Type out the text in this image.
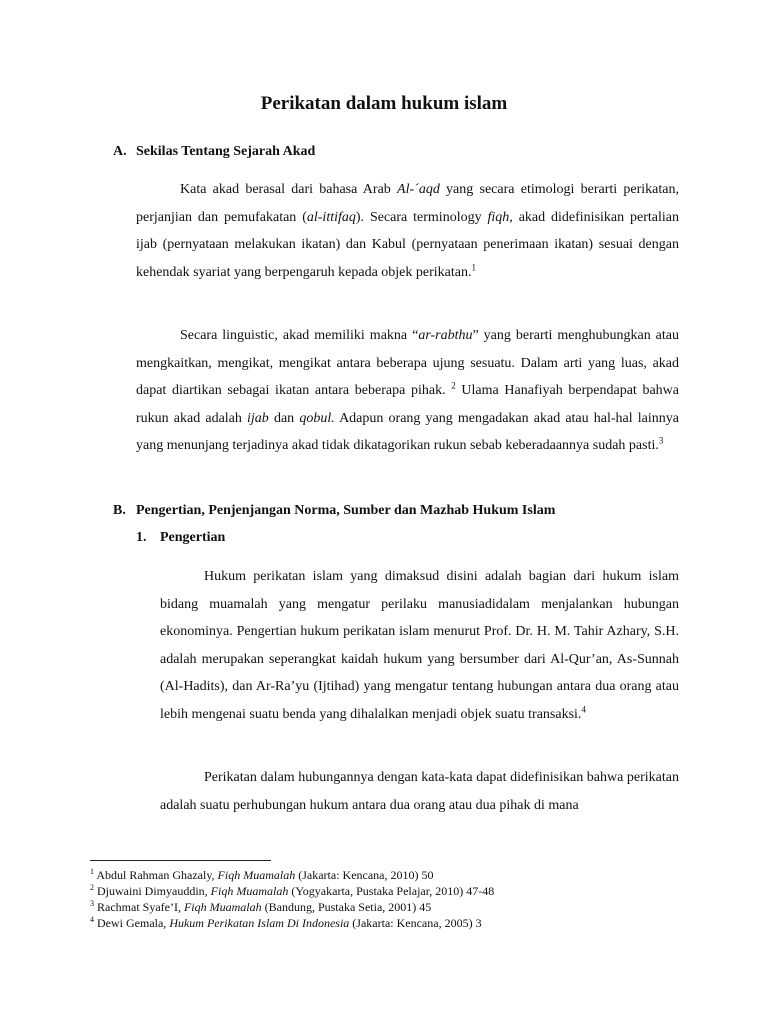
Perikatan dalam hukum islam
A. Sekilas Tentang Sejarah Akad

Kata akad berasal dari bahasa Arab Al-´aqd yang secara etimologi berarti perikatan, perjanjian dan pemufakatan (al-ittifaq). Secara terminology fiqh, akad didefinisikan pertalian ijab (pernyataan melakukan ikatan) dan Kabul (pernyataan penerimaan ikatan) sesuai dengan kehendak syariat yang berpengaruh kepada objek perikatan.$^1$

Secara linguistic, akad memiliki makna “ar-rabthu” yang berarti menghubungkan atau mengkaitkan, mengikat, mengikat antara beberapa ujung sesuatu. Dalam arti yang luas, akad dapat diartikan sebagai ikatan antara beberapa pihak. $^2$ Ulama Hanafiyah berpendapat bahwa rukun akad adalah ijab dan qobul. Adapun orang yang mengadakan akad atau hal-hal lainnya yang menunjang terjadinya akad tidak dikatagorikan rukun sebab keberadaannya sudah pasti.$^3$

B. Pengertian, Penjenjangan Norma, Sumber dan Mazhab Hukum Islam
1. Pengertian

Hukum perikatan islam yang dimaksud disini adalah bagian dari hukum islam bidang muamalah yang mengatur perilaku manusiadidalam menjalankan hubungan ekonominya. Pengertian hukum perikatan islam menurut Prof. Dr. H. M. Tahir Azhary, S.H. adalah merupakan seperangkat kaidah hukum yang bersumber dari Al-Qur’an, As-Sunnah (Al-Hadits), dan Ar-Ra’yu (Ijtihad) yang mengatur tentang hubungan antara dua orang atau lebih mengenai suatu benda yang dihalalkan menjadi objek suatu transaksi.$^4$

Perikatan dalam hubungannya dengan kata-kata dapat didefinisikan bahwa perikatan adalah suatu perhubungan hukum antara dua orang atau dua pihak di mana

$^1$ Abdul Rahman Ghazaly, Fiqh Muamalah (Jakarta: Kencana, 2010) 50
$^2$ Djuwaini Dimyauddin, Fiqh Muamalah (Yogyakarta, Pustaka Pelajar, 2010) 47-48
$^3$ Rachmat Syafe’I, Fiqh Muamalah (Bandung, Pustaka Setia, 2001) 45
$^4$ Dewi Gemala, Hukum Perikatan Islam Di Indonesia (Jakarta: Kencana, 2005) 3
